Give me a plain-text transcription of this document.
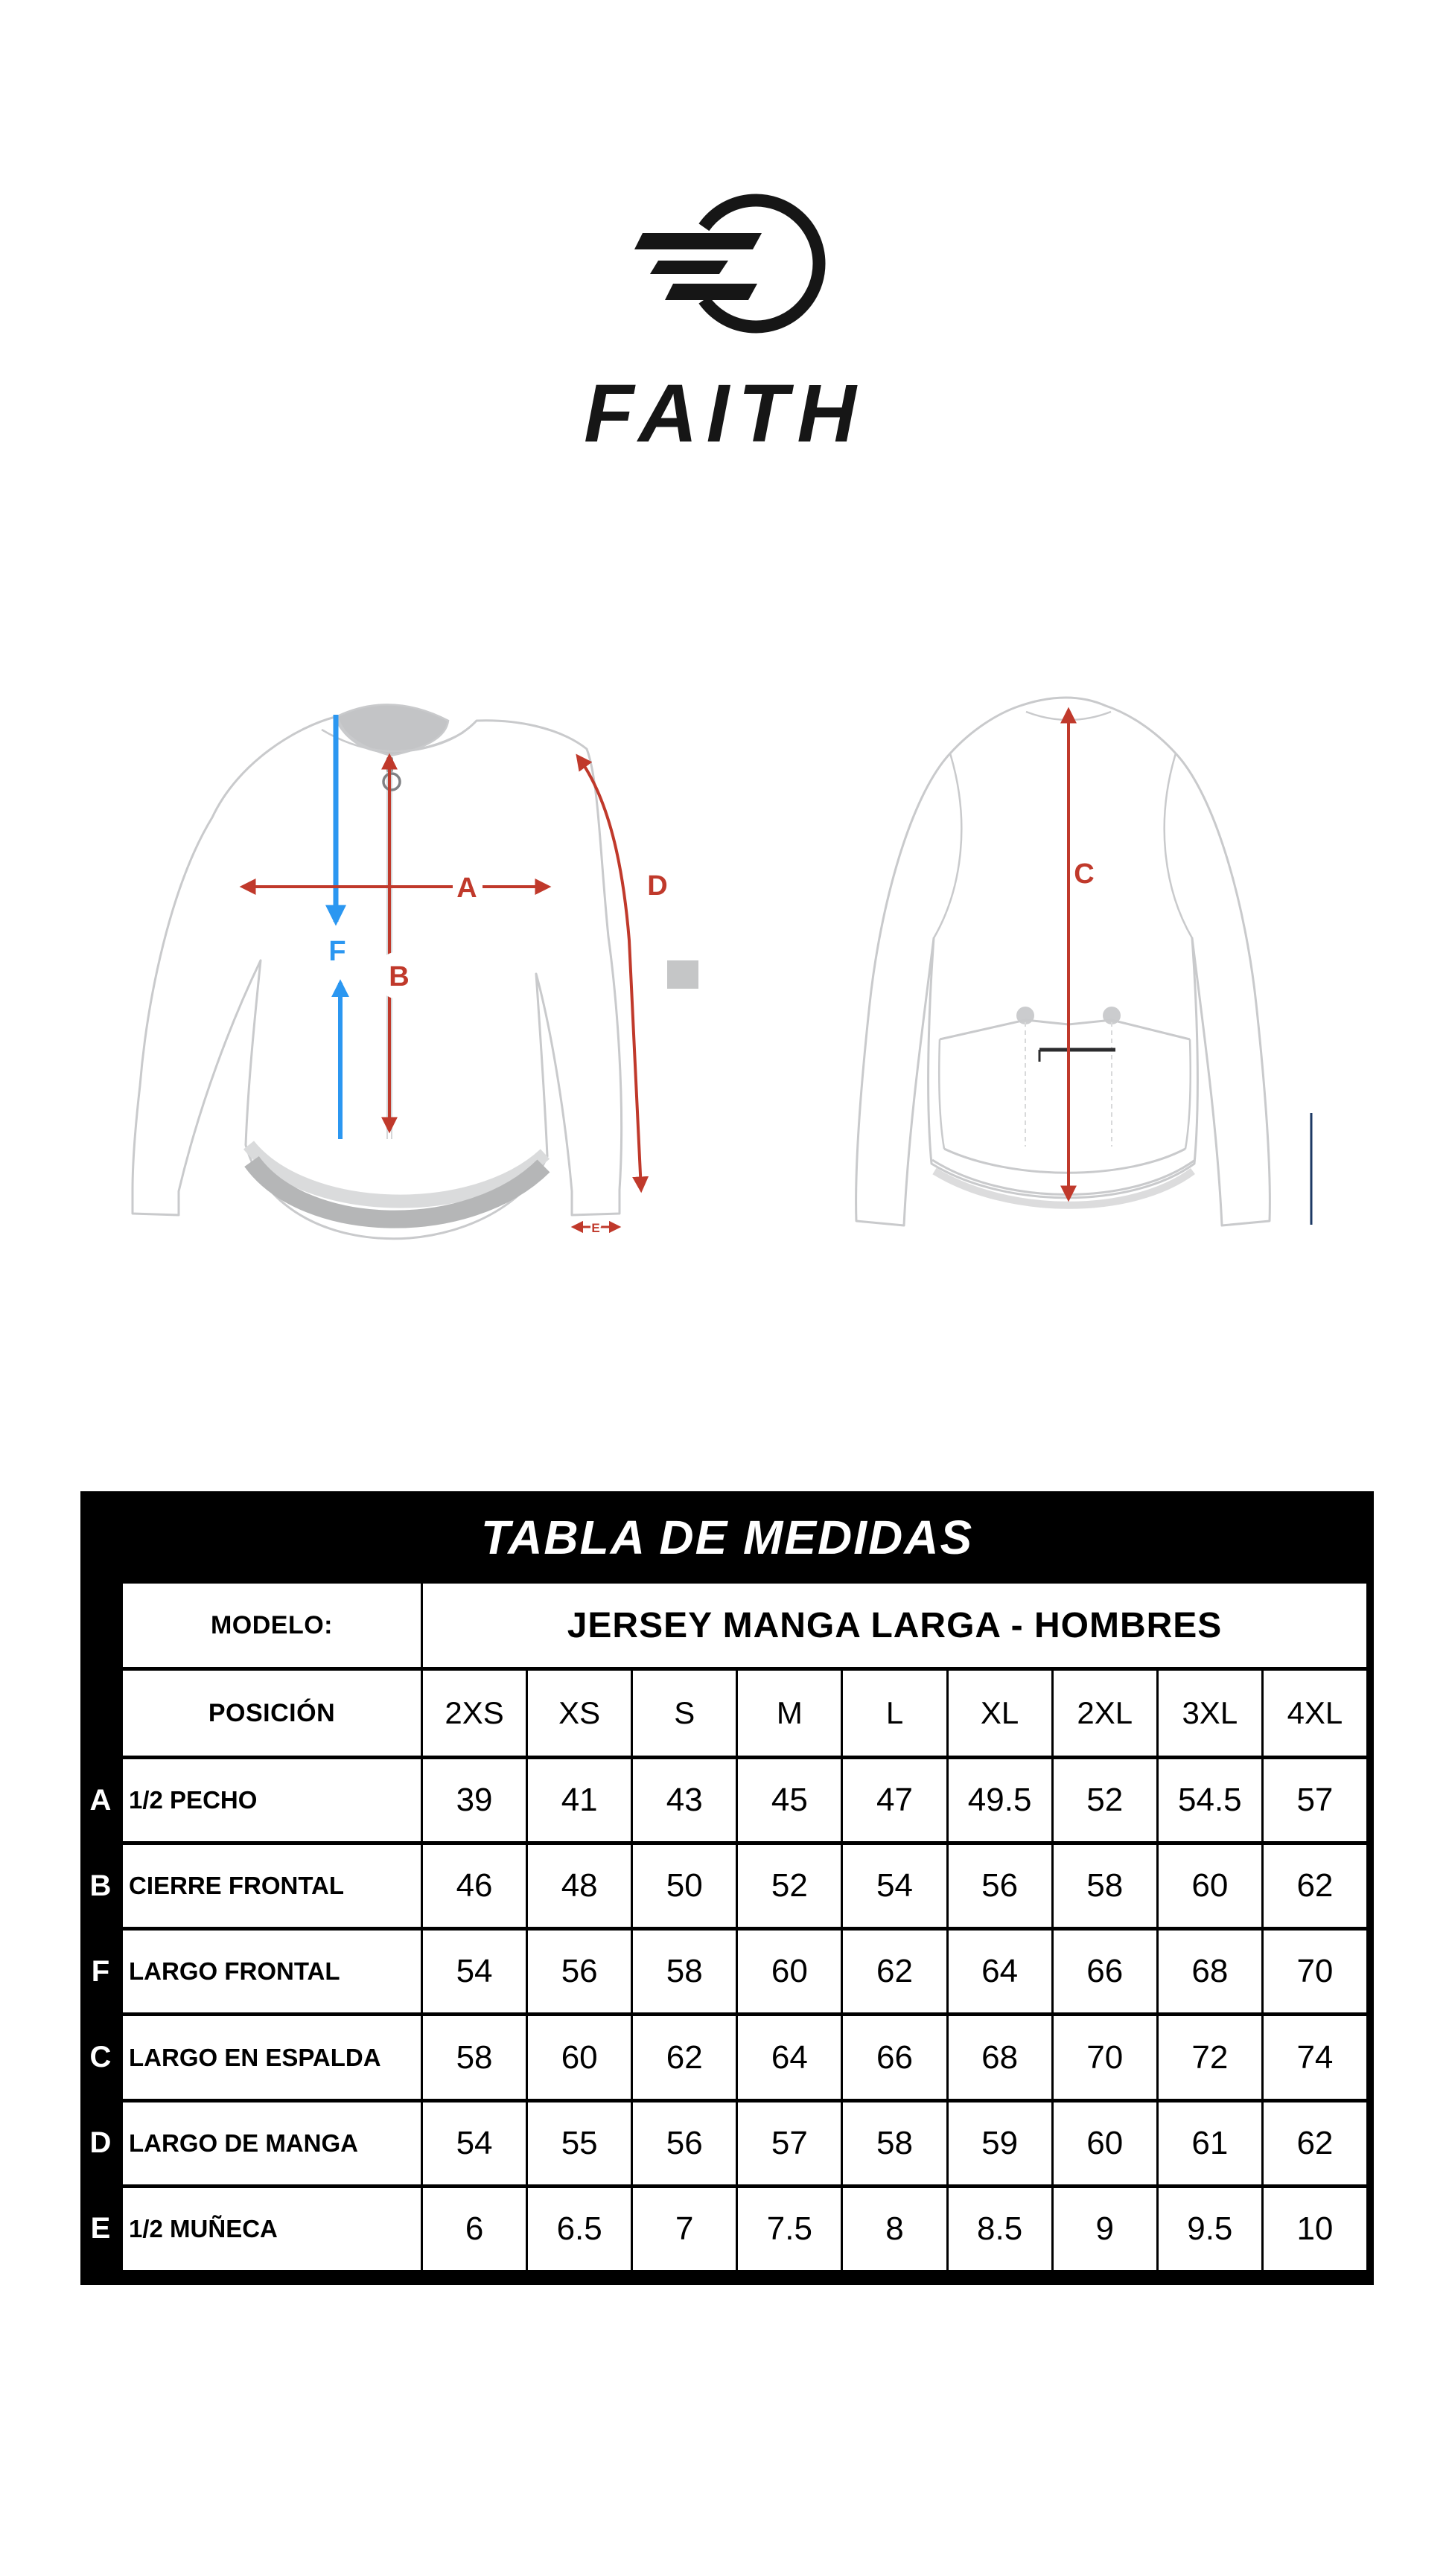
FAITH
F
B
A	D
E
C
TABLA DE MEDIDAS
MODELO:	JERSEY MANGA LARGA - HOMBRES
POSICIÓN	2XS	XS	S	M	L	XL	2XL	3XL	4XL
A 1/2 PECHO	39	41	43	45	47	49.5	52	54.5	57
B CIERRE FRONTAL	46	48	50	52	54	56	58	60	62
F LARGO FRONTAL	54	56	58	60	62	64	66	68	70
C LARGO EN ESPALDA	58	60	62	64	66	68	70	72	74
D LARGO DE MANGA	54	55	56	57	58	59	60	61	62
E 1/2 MUÑECA	6	6.5	7	7.5	8	8.5	9	9.5	10
